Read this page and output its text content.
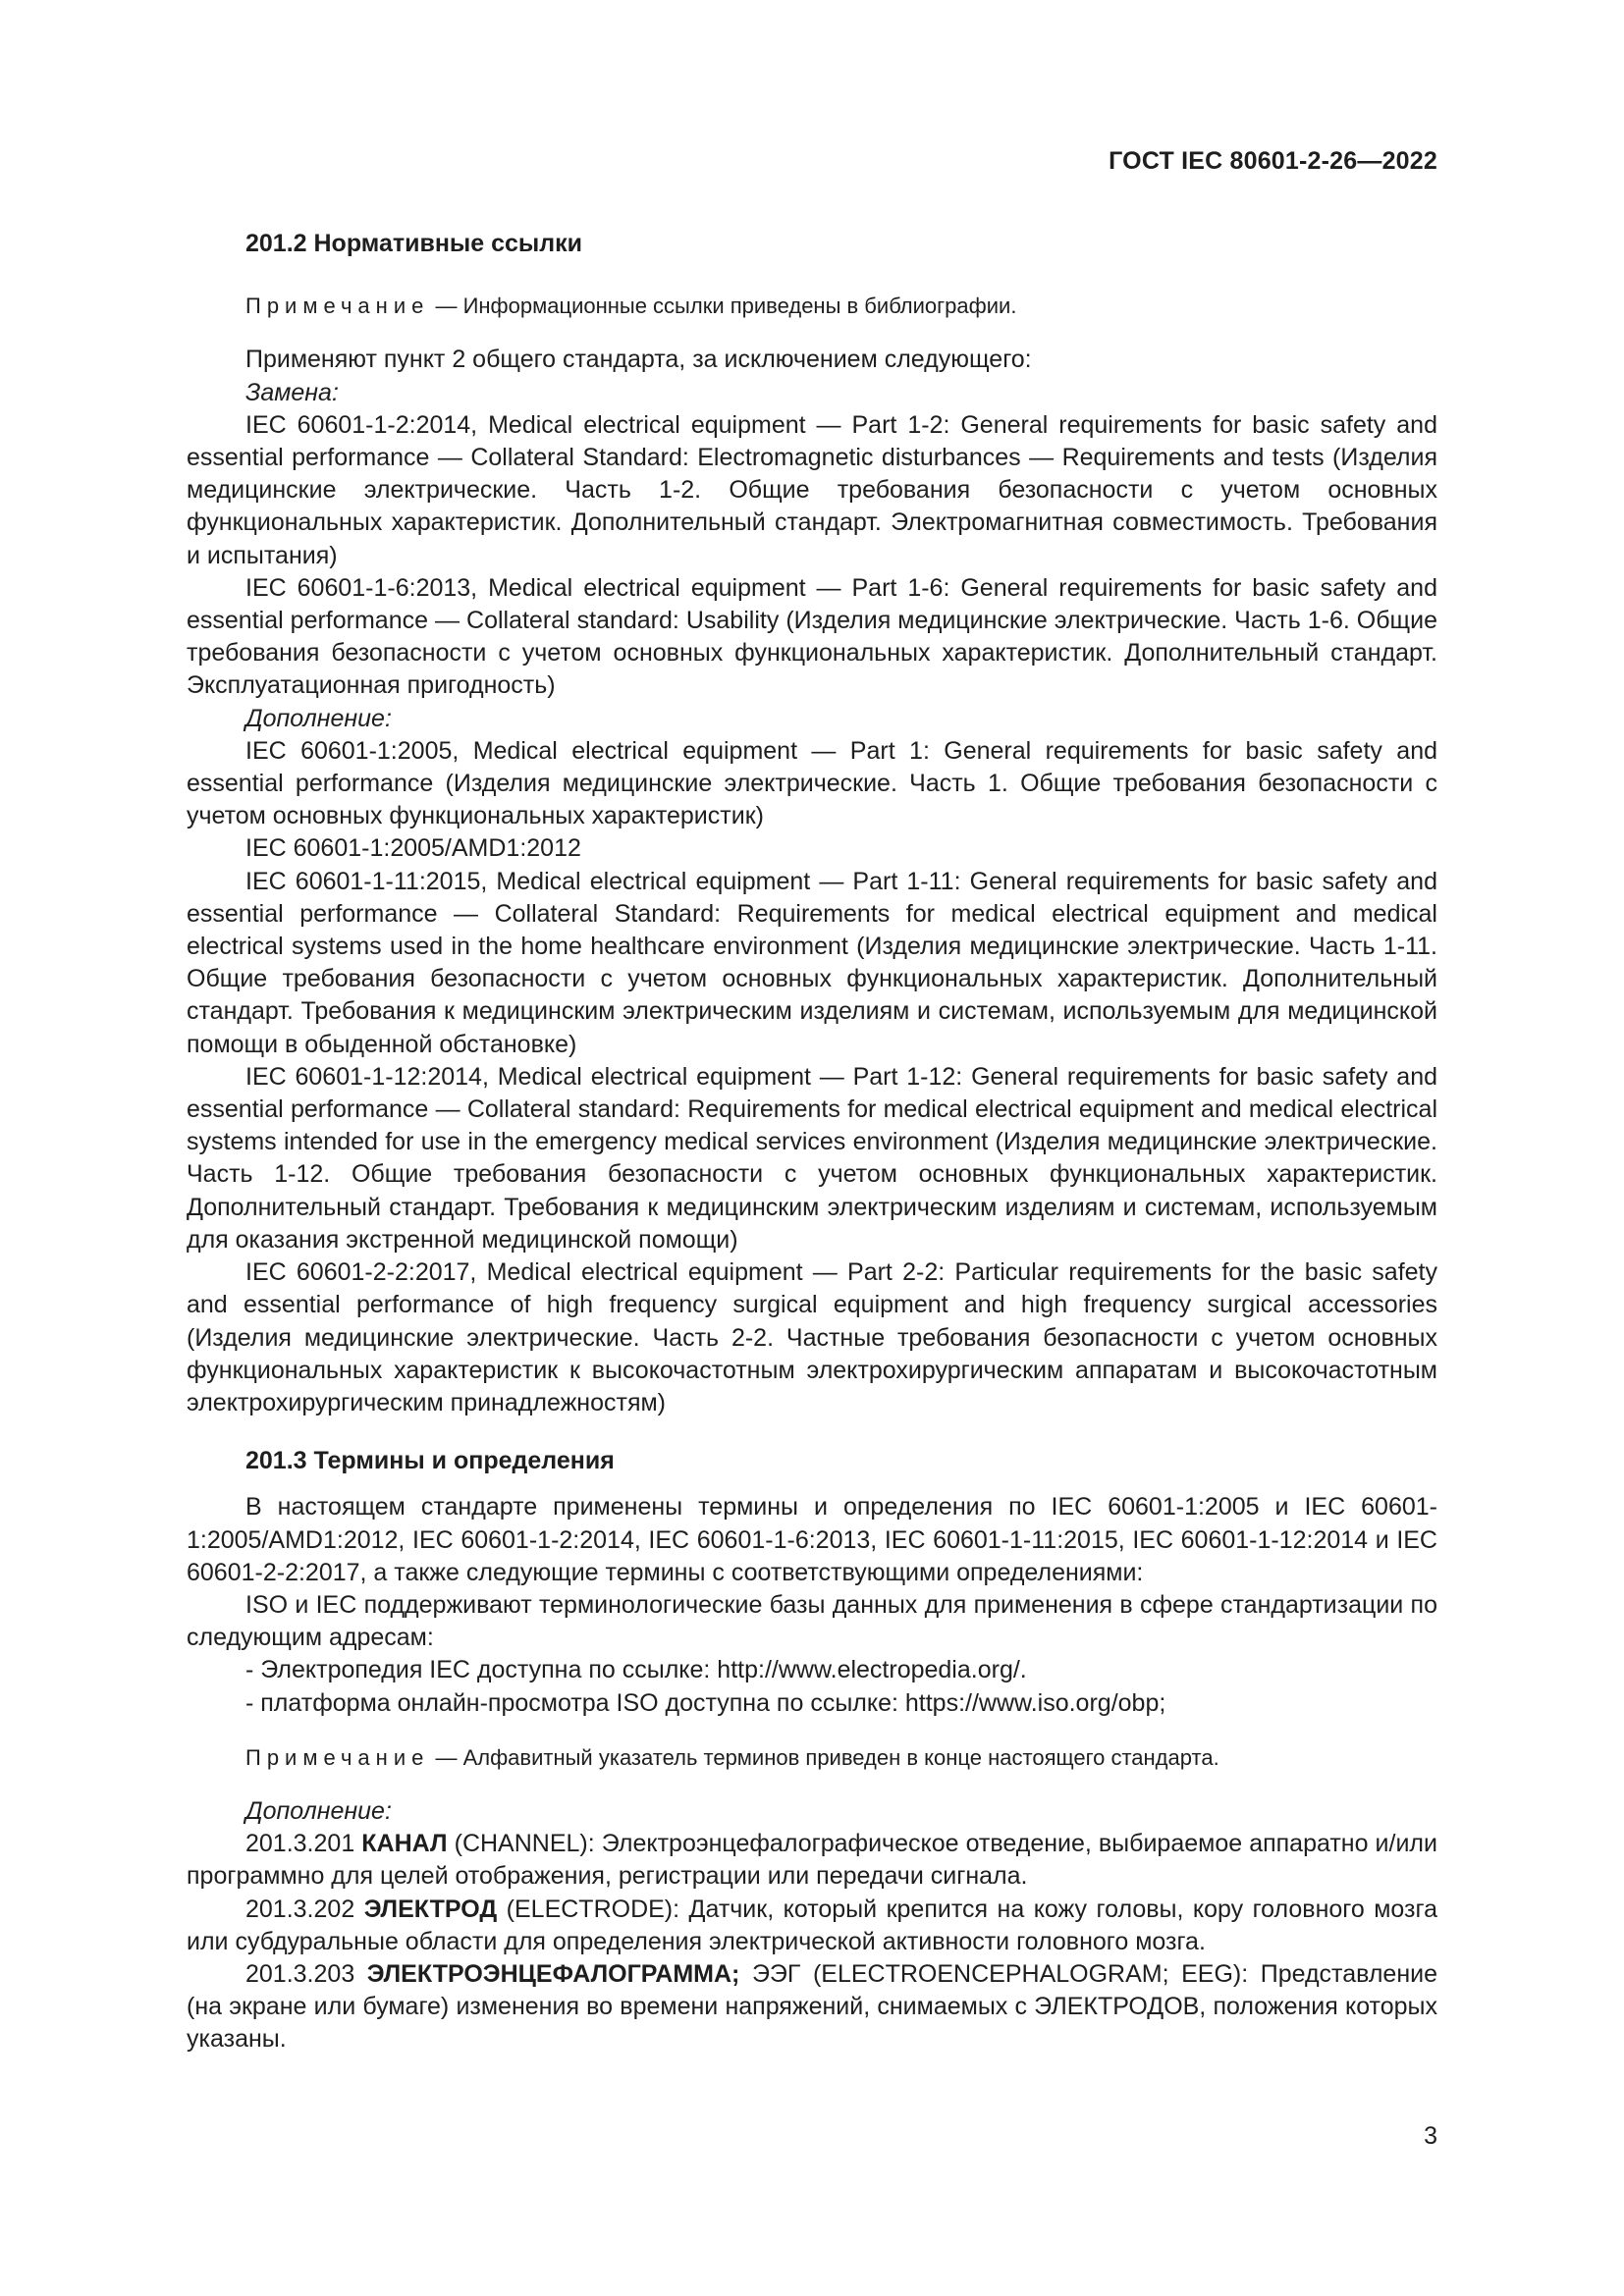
ГОСТ IEC 80601-2-26—2022

201.2 Нормативные ссылки

Примечание — Информационные ссылки приведены в библиографии.

Применяют пункт 2 общего стандарта, за исключением следующего:

Замена:

IEC 60601-1-2:2014, Medical electrical equipment — Part 1-2: General requirements for basic safety and essential performance — Collateral Standard: Electromagnetic disturbances — Requirements and tests (Изделия медицинские электрические. Часть 1-2. Общие требования безопасности с учетом основных функциональных характеристик. Дополнительный стандарт. Электромагнитная совместимость. Требования и испытания)

IEC 60601-1-6:2013, Medical electrical equipment — Part 1-6: General requirements for basic safety and essential performance — Collateral standard: Usability (Изделия медицинские электрические. Часть 1-6. Общие требования безопасности с учетом основных функциональных характеристик. Дополнительный стандарт. Эксплуатационная пригодность)

Дополнение:

IEC 60601-1:2005, Medical electrical equipment — Part 1: General requirements for basic safety and essential performance (Изделия медицинские электрические. Часть 1. Общие требования безопасности с учетом основных функциональных характеристик)

IEC 60601-1:2005/AMD1:2012

IEC 60601-1-11:2015, Medical electrical equipment — Part 1-11: General requirements for basic safety and essential performance — Collateral Standard: Requirements for medical electrical equipment and medical electrical systems used in the home healthcare environment (Изделия медицинские электрические. Часть 1-11. Общие требования безопасности с учетом основных функциональных характеристик. Дополнительный стандарт. Требования к медицинским электрическим изделиям и системам, используемым для медицинской помощи в обыденной обстановке)

IEC 60601-1-12:2014, Medical electrical equipment — Part 1-12: General requirements for basic safety and essential performance — Collateral standard: Requirements for medical electrical equipment and medical electrical systems intended for use in the emergency medical services environment (Изделия медицинские электрические. Часть 1-12. Общие требования безопасности с учетом основных функциональных характеристик. Дополнительный стандарт. Требования к медицинским электрическим изделиям и системам, используемым для оказания экстренной медицинской помощи)

IEC 60601-2-2:2017, Medical electrical equipment — Part 2-2: Particular requirements for the basic safety and essential performance of high frequency surgical equipment and high frequency surgical accessories (Изделия медицинские электрические. Часть 2-2. Частные требования безопасности с учетом основных функциональных характеристик к высокочастотным электрохирургическим аппаратам и высокочастотным электрохирургическим принадлежностям)

201.3 Термины и определения

В настоящем стандарте применены термины и определения по IEC 60601-1:2005 и IEC 60601-1:2005/AMD1:2012, IEC 60601-1-2:2014, IEC 60601-1-6:2013, IEC 60601-1-11:2015, IEC 60601-1-12:2014 и IEC 60601-2-2:2017, а также следующие термины с соответствующими определениями:

ISO и IEC поддерживают терминологические базы данных для применения в сфере стандартизации по следующим адресам:

- Электропедия IEC доступна по ссылке: http://www.electropedia.org/.

- платформа онлайн-просмотра ISO доступна по ссылке: https://www.iso.org/obp;

Примечание — Алфавитный указатель терминов приведен в конце настоящего стандарта.

Дополнение:

201.3.201 КАНАЛ (CHANNEL): Электроэнцефалографическое отведение, выбираемое аппаратно и/или программно для целей отображения, регистрации или передачи сигнала.

201.3.202 ЭЛЕКТРОД (ELECTRODE): Датчик, который крепится на кожу головы, кору головного мозга или субдуральные области для определения электрической активности головного мозга.

201.3.203 ЭЛЕКТРОЭНЦЕФАЛОГРАММА; ЭЭГ (ELECTROENCEPHALOGRAM; EEG): Представление (на экране или бумаге) изменения во времени напряжений, снимаемых с ЭЛЕКТРОДОВ, положения которых указаны.

3
